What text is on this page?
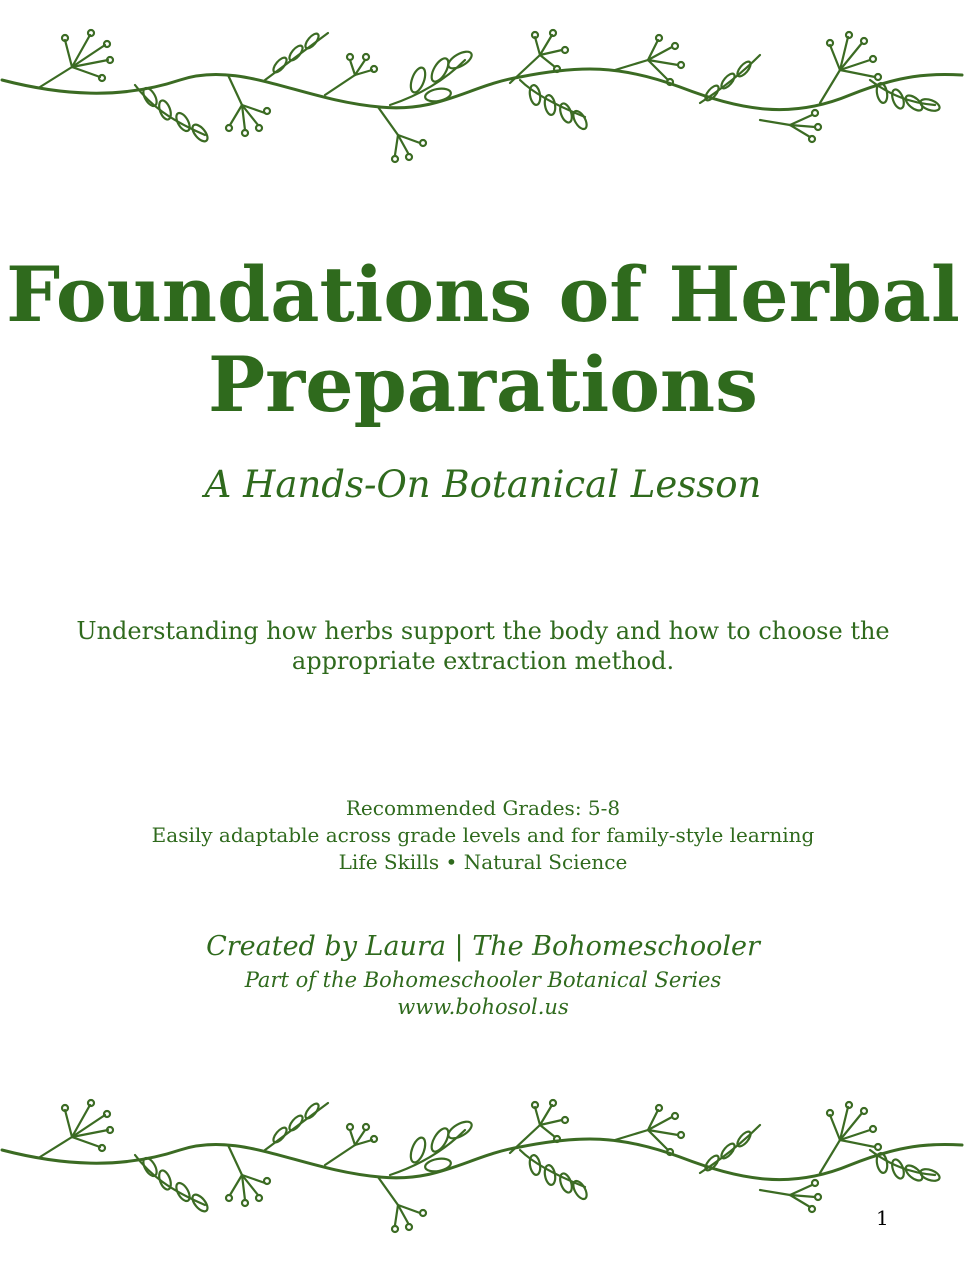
Foundations of Herbal
Preparations

A Hands-On Botanical Lesson

Understanding how herbs support the body and how to choose the appropriate extraction method.

Recommended Grades: 5-8
Easily adaptable across grade levels and for family-style learning
Life Skills • Natural Science
Created by Laura | The Bohomeschooler
Part of the Bohomeschooler Botanical Series
www.bohosol.us
1
